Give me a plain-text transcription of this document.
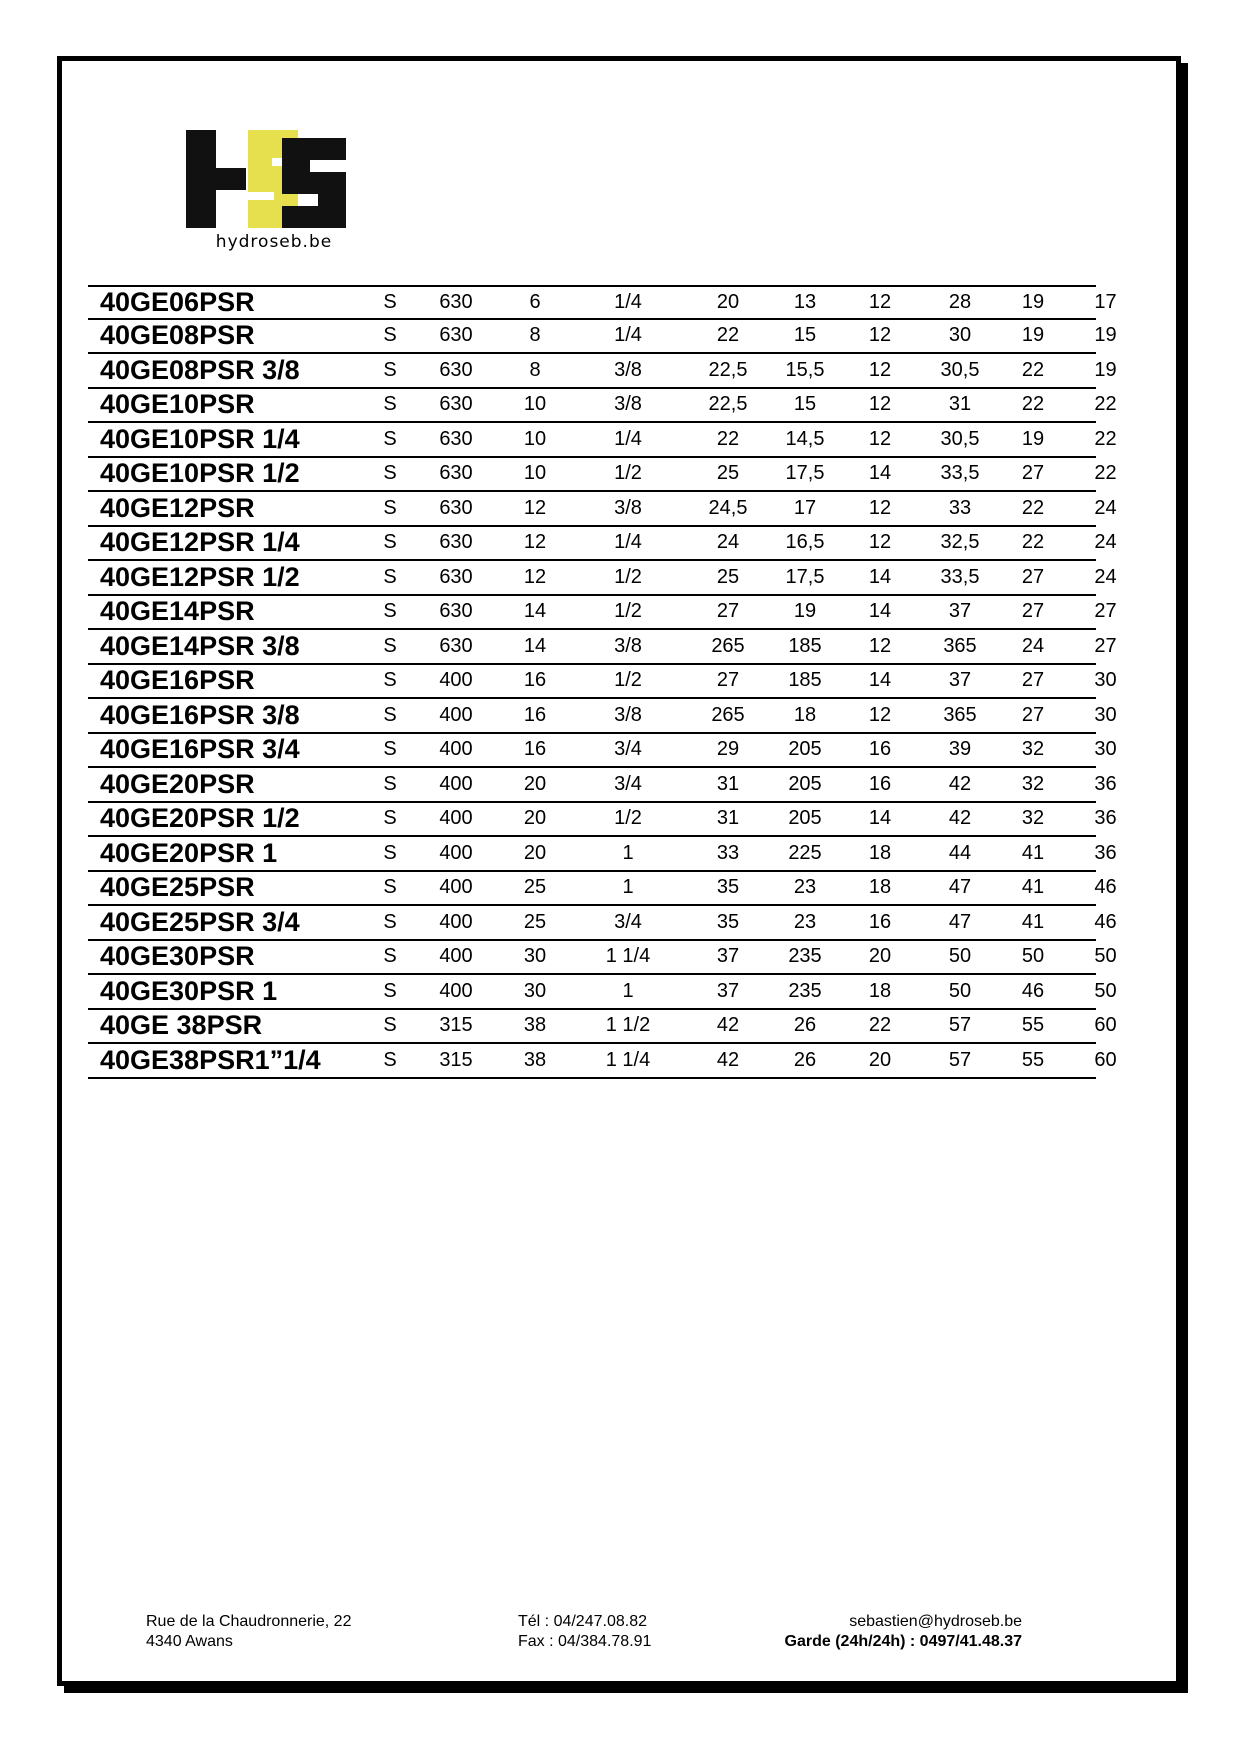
hydroseb.be
40GE06PSR	S	630	6	1/4	20	13	12	28	19	17
40GE08PSR	S	630	8	1/4	22	15	12	30	19	19
40GE08PSR 3/8	S	630	8	3/8	22,5	15,5	12	30,5	22	19
40GE10PSR	S	630	10	3/8	22,5	15	12	31	22	22
40GE10PSR 1/4	S	630	10	1/4	22	14,5	12	30,5	19	22
40GE10PSR 1/2	S	630	10	1/2	25	17,5	14	33,5	27	22
40GE12PSR	S	630	12	3/8	24,5	17	12	33	22	24
40GE12PSR 1/4	S	630	12	1/4	24	16,5	12	32,5	22	24
40GE12PSR 1/2	S	630	12	1/2	25	17,5	14	33,5	27	24
40GE14PSR	S	630	14	1/2	27	19	14	37	27	27
40GE14PSR 3/8	S	630	14	3/8	265	185	12	365	24	27
40GE16PSR	S	400	16	1/2	27	185	14	37	27	30
40GE16PSR 3/8	S	400	16	3/8	265	18	12	365	27	30
40GE16PSR 3/4	S	400	16	3/4	29	205	16	39	32	30
40GE20PSR	S	400	20	3/4	31	205	16	42	32	36
40GE20PSR 1/2	S	400	20	1/2	31	205	14	42	32	36
40GE20PSR 1	S	400	20	1	33	225	18	44	41	36
40GE25PSR	S	400	25	1	35	23	18	47	41	46
40GE25PSR 3/4	S	400	25	3/4	35	23	16	47	41	46
40GE30PSR	S	400	30	1 1/4	37	235	20	50	50	50
40GE30PSR 1	S	400	30	1	37	235	18	50	46	50
40GE 38PSR	S	315	38	1 1/2	42	26	22	57	55	60
40GE38PSR1”1/4	S	315	38	1 1/4	42	26	20	57	55	60
Rue de la Chaudronnerie, 22
4340 Awans
Tél : 04/247.08.82
Fax : 04/384.78.91
sebastien@hydroseb.be
Garde (24h/24h) : 0497/41.48.37
